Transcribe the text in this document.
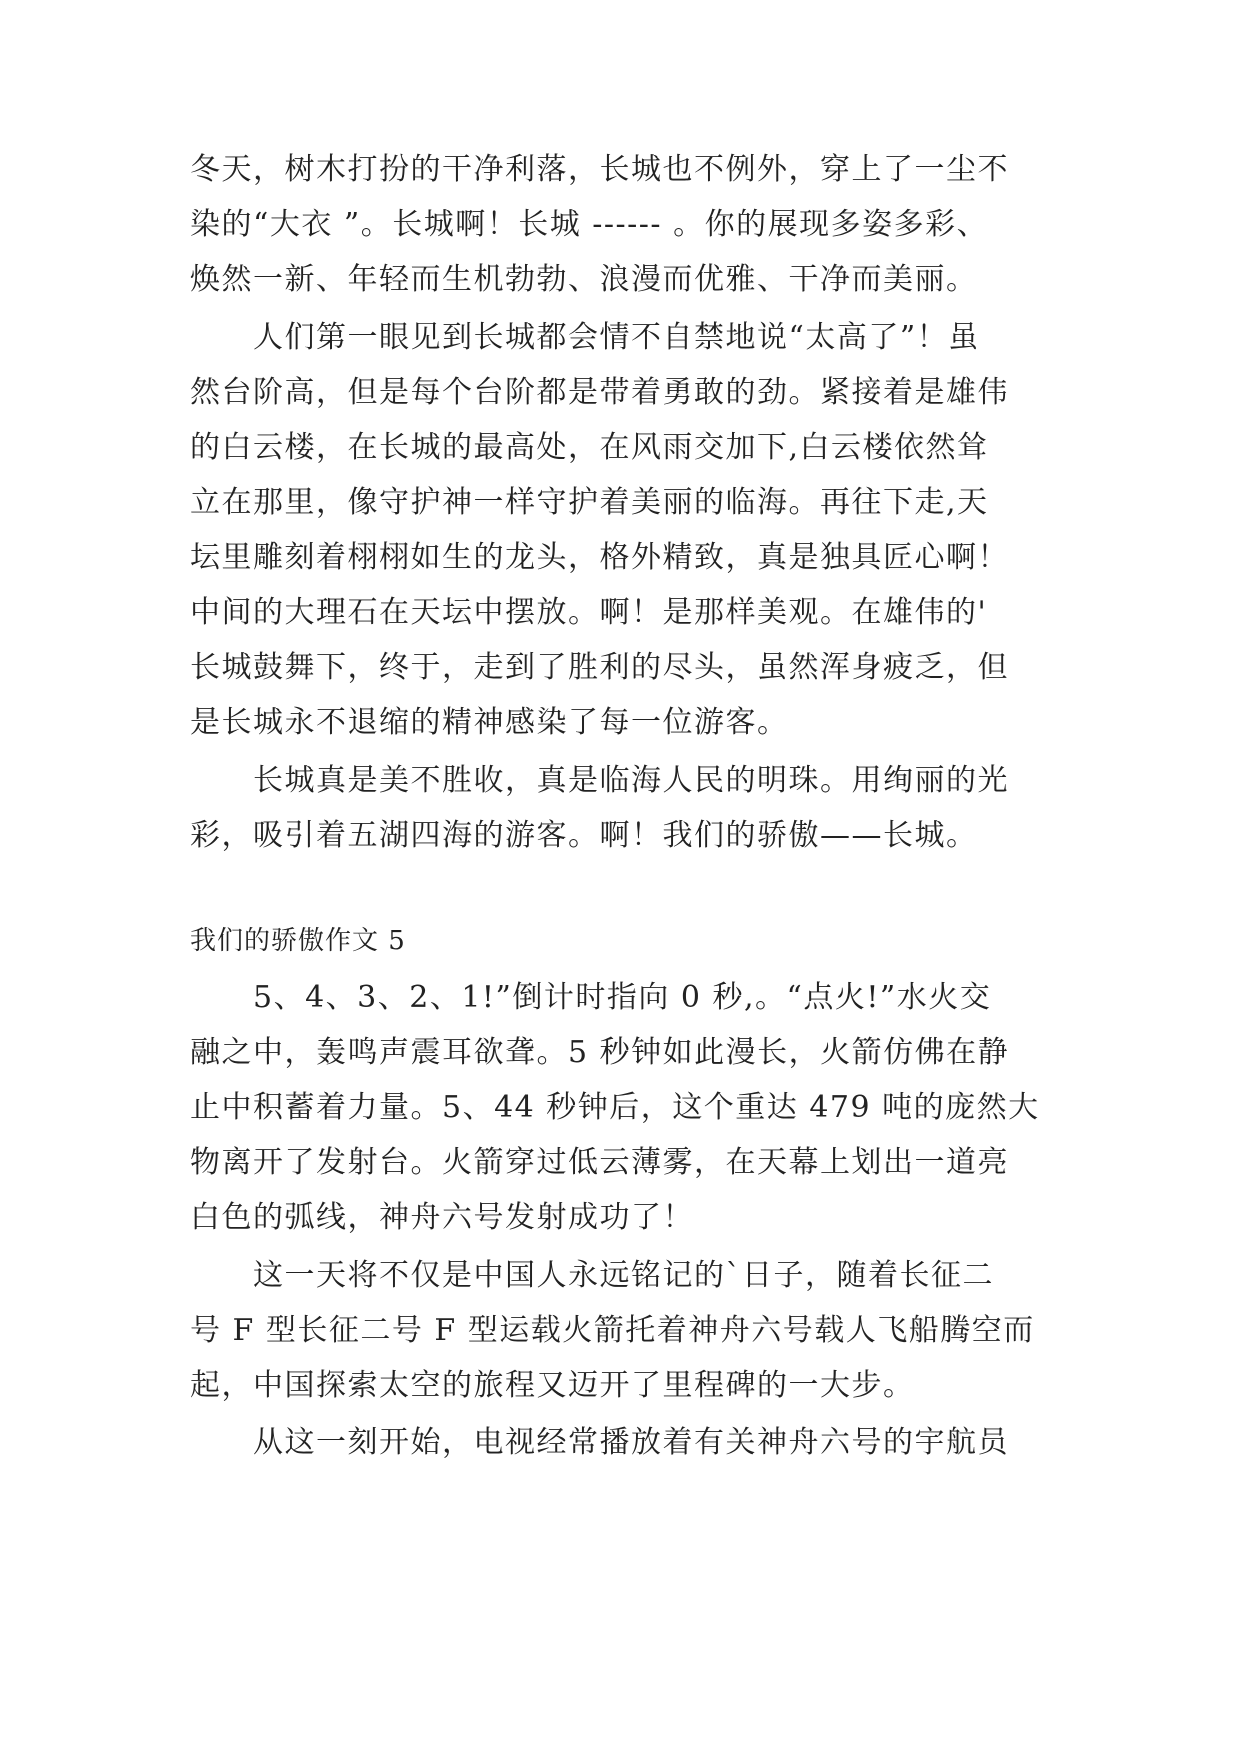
冬天，树木打扮的干净利落，长城也不例外，穿上了一尘不
染的“大衣 ”。长城啊！长城 ------ 。你的展现多姿多彩、
焕然一新、年轻而生机勃勃、浪漫而优雅、干净而美丽。
　　人们第一眼见到长城都会情不自禁地说“太高了”！虽
然台阶高，但是每个台阶都是带着勇敢的劲。紧接着是雄伟
的白云楼，在长城的最高处，在风雨交加下,白云楼依然耸
立在那里，像守护神一样守护着美丽的临海。再往下走,天
坛里雕刻着栩栩如生的龙头，格外精致，真是独具匠心啊！
中间的大理石在天坛中摆放。啊！是那样美观。在雄伟的'
长城鼓舞下，终于，走到了胜利的尽头，虽然浑身疲乏，但
是长城永不退缩的精神感染了每一位游客。
　　长城真是美不胜收，真是临海人民的明珠。用绚丽的光
彩，吸引着五湖四海的游客。啊！我们的骄傲——长城。
我们的骄傲作文 5
　　5、4、3、2、1!”倒计时指向 0 秒,。“点火!”水火交
融之中，轰鸣声震耳欲聋。5 秒钟如此漫长，火箭仿佛在静
止中积蓄着力量。5、44 秒钟后，这个重达 479 吨的庞然大
物离开了发射台。火箭穿过低云薄雾，在天幕上划出一道亮
白色的弧线，神舟六号发射成功了！
　　这一天将不仅是中国人永远铭记的`日子，随着长征二
号 F 型长征二号 F 型运载火箭托着神舟六号载人飞船腾空而
起，中国探索太空的旅程又迈开了里程碑的一大步。
　　从这一刻开始，电视经常播放着有关神舟六号的宇航员
